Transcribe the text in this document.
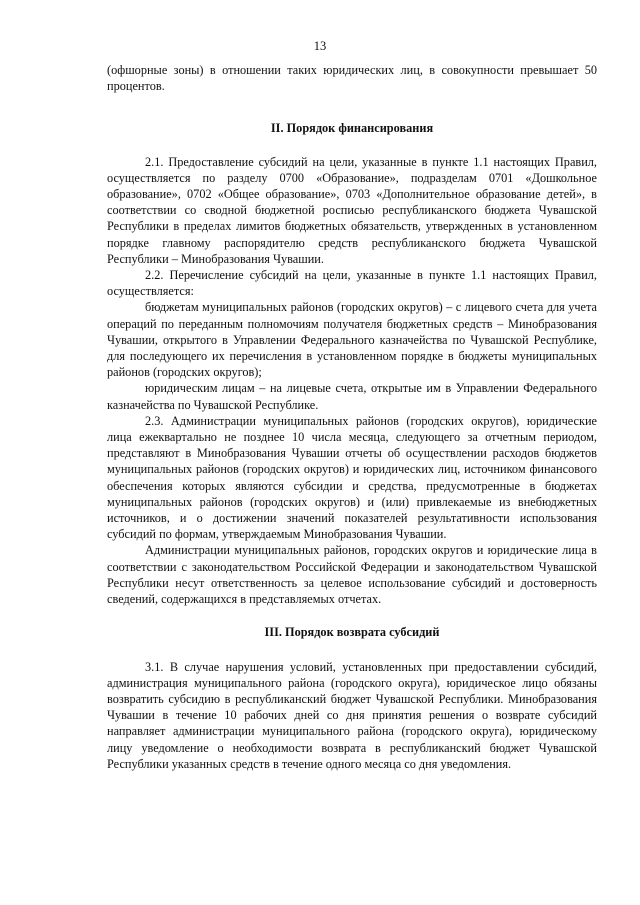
13

(офшорные зоны) в отношении таких юридических лиц, в совокупности превышает 50 процентов.

II. Порядок финансирования

2.1. Предоставление субсидий на цели, указанные в пункте 1.1 настоящих Правил, осуществляется по разделу 0700 «Образование», подразделам 0701 «Дошкольное образование», 0702 «Общее образование», 0703 «Дополнительное образование детей», в соответствии со сводной бюджетной росписью республиканского бюджета Чувашской Республики в пределах лимитов бюджетных обязательств, утвержденных в установленном порядке главному распорядителю средств республиканского бюджета Чувашской Республики – Минобразования Чувашии.

2.2. Перечисление субсидий на цели, указанные в пункте 1.1 настоящих Правил, осуществляется:

бюджетам муниципальных районов (городских округов) – с лицевого счета для учета операций по переданным полномочиям получателя бюджетных средств – Минобразования Чувашии, открытого в Управлении Федерального казначейства по Чувашской Республике, для последующего их перечисления в установленном порядке в бюджеты муниципальных районов (городских округов);

юридическим лицам – на лицевые счета, открытые им в Управлении Федерального казначейства по Чувашской Республике.

2.3. Администрации муниципальных районов (городских округов), юридические лица ежеквартально не позднее 10 числа месяца, следующего за отчетным периодом, представляют в Минобразования Чувашии отчеты об осуществлении расходов бюджетов муниципальных районов (городских округов) и юридических лиц, источником финансового обеспечения которых являются субсидии и средства, предусмотренные в бюджетах муниципальных районов (городских округов) и (или) привлекаемые из внебюджетных источников, и о достижении значений показателей результативности использования субсидий по формам, утверждаемым Минобразования Чувашии.

Администрации муниципальных районов, городских округов и юридические лица в соответствии с законодательством Российской Федерации и законодательством Чувашской Республики несут ответственность за целевое использование субсидий и достоверность сведений, содержащихся в представляемых отчетах.

III. Порядок возврата субсидий

3.1. В случае нарушения условий, установленных при предоставлении субсидий, администрация муниципального района (городского округа), юридическое лицо обязаны возвратить субсидию в республиканский бюджет Чувашской Республики. Минобразования Чувашии в течение 10 рабочих дней со дня принятия решения о возврате субсидий направляет администрации муниципального района (городского округа), юридическому лицу уведомление о необходимости возврата в республиканский бюджет Чувашской Республики указанных средств в течение одного месяца со дня уведомления.
